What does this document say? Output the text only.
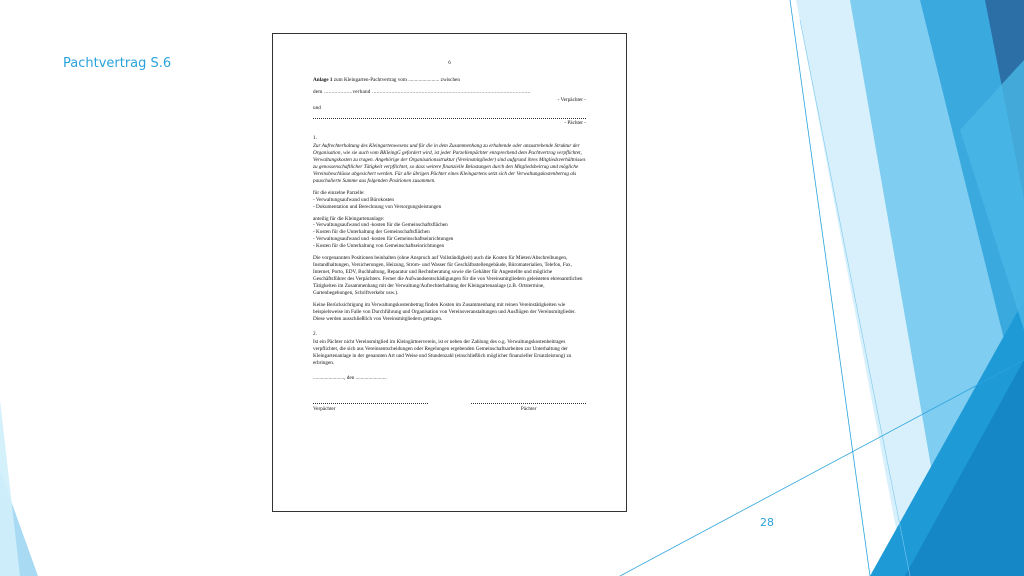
Pachtvertrag S.6	6

Anlage 1 zum Kleingarten-Pachtvertrag vom ........................ zwischen

dem ...................verband ..........................................................................................................

- Verpächter -

und

- Pächter -

1.

Zur Aufrechterhaltung des Kleingartenwesens und für die in dem Zusammenhang zu erhaltende oder anzustrebende Struktur der Organisation, wie sie auch vom BKleingG gefordert wird, ist jeder Parzellenpächter entsprechend dem Pachtvertrag verpflichtet, Verwaltungskosten zu tragen. Angehörige der Organisationsstruktur (Vereinsmitglieder) sind aufgrund ihres Mitgliedsverhältnisses zu genossenschaftlicher Tätigkeit verpflichtet, so dass weitere finanzielle Belastungen durch den Mitgliedsbeitrag und mögliche Vereinsbeschlüsse abgesichert werden. Für alle übrigen Pächter eines Kleingartens setzt sich der Verwaltungskostenbetrag als pauschalierte Summe aus folgenden Positionen zusammen.

für die einzelne Parzelle:

- Verwaltungsaufwand und Bürokosten
- Dokumentation und Berechnung von Versorgungsleistungen

anteilig für die Kleingartenanlage:

- Verwaltungsaufwand und -kosten für die Gemeinschaftsflächen
- Kosten für die Unterhaltung der Gemeinschaftsflächen
- Verwaltungsaufwand und -kosten für Gemeinschaftseinrichtungen
- Kosten für die Unterhaltung von Gemeinschaftseinrichtungen

Die vorgenannten Positionen beinhalten (ohne Anspruch auf Vollständigkeit) auch die Kosten für Mieten/Abschreibungen, Instandhaltungen, Versicherungen, Heizung, Strom- und Wasser für Geschäftsstellengebäude, Büromaterialien, Telefon, Fax, Internet, Porto, EDV, Buchhaltung, Reparatur und Rechtsberatung sowie die Gehälter für Angestellte und mögliche Geschäftsführer des Verpächters. Ferner die Aufwandsentschädigungen für die von Vereinsmitgliedern geleisteten ehrenamtlichen Tätigkeiten im Zusammenhang mit der Verwaltung/Aufrechterhaltung der Kleingartenanlage (z.B. Ortstermine, Gartenbegehungen, Schriftverkehr usw.).

Keine Berücksichtigung im Verwaltungskostenbetrag finden Kosten im Zusammenhang mit reinen Vereinstätigkeiten wie beispielsweise im Falle von Durchführung und Organisation von Vereinsveranstaltungen und Ausflügen der Vereinsmitglieder. Diese werden ausschließlich von Vereinsmitgliedern getragen.

2.

Ist ein Pächter nicht Vereinsmitglied im Kleingärtnerverein, ist er neben der Zahlung des o.g. Verwaltungskostenbeitrages verpflichtet, die sich aus Vereinsentscheidungen oder Regelungen ergebenden Gemeinschaftsarbeiten zur Unterhaltung der Kleingartenanlage in der genannten Art und Weise und Stundenzahl (einschließlich möglicher finanzieller Ersatzleistung) zu erbringen.

........................, den ........................

Verpächter	Pächter
28
